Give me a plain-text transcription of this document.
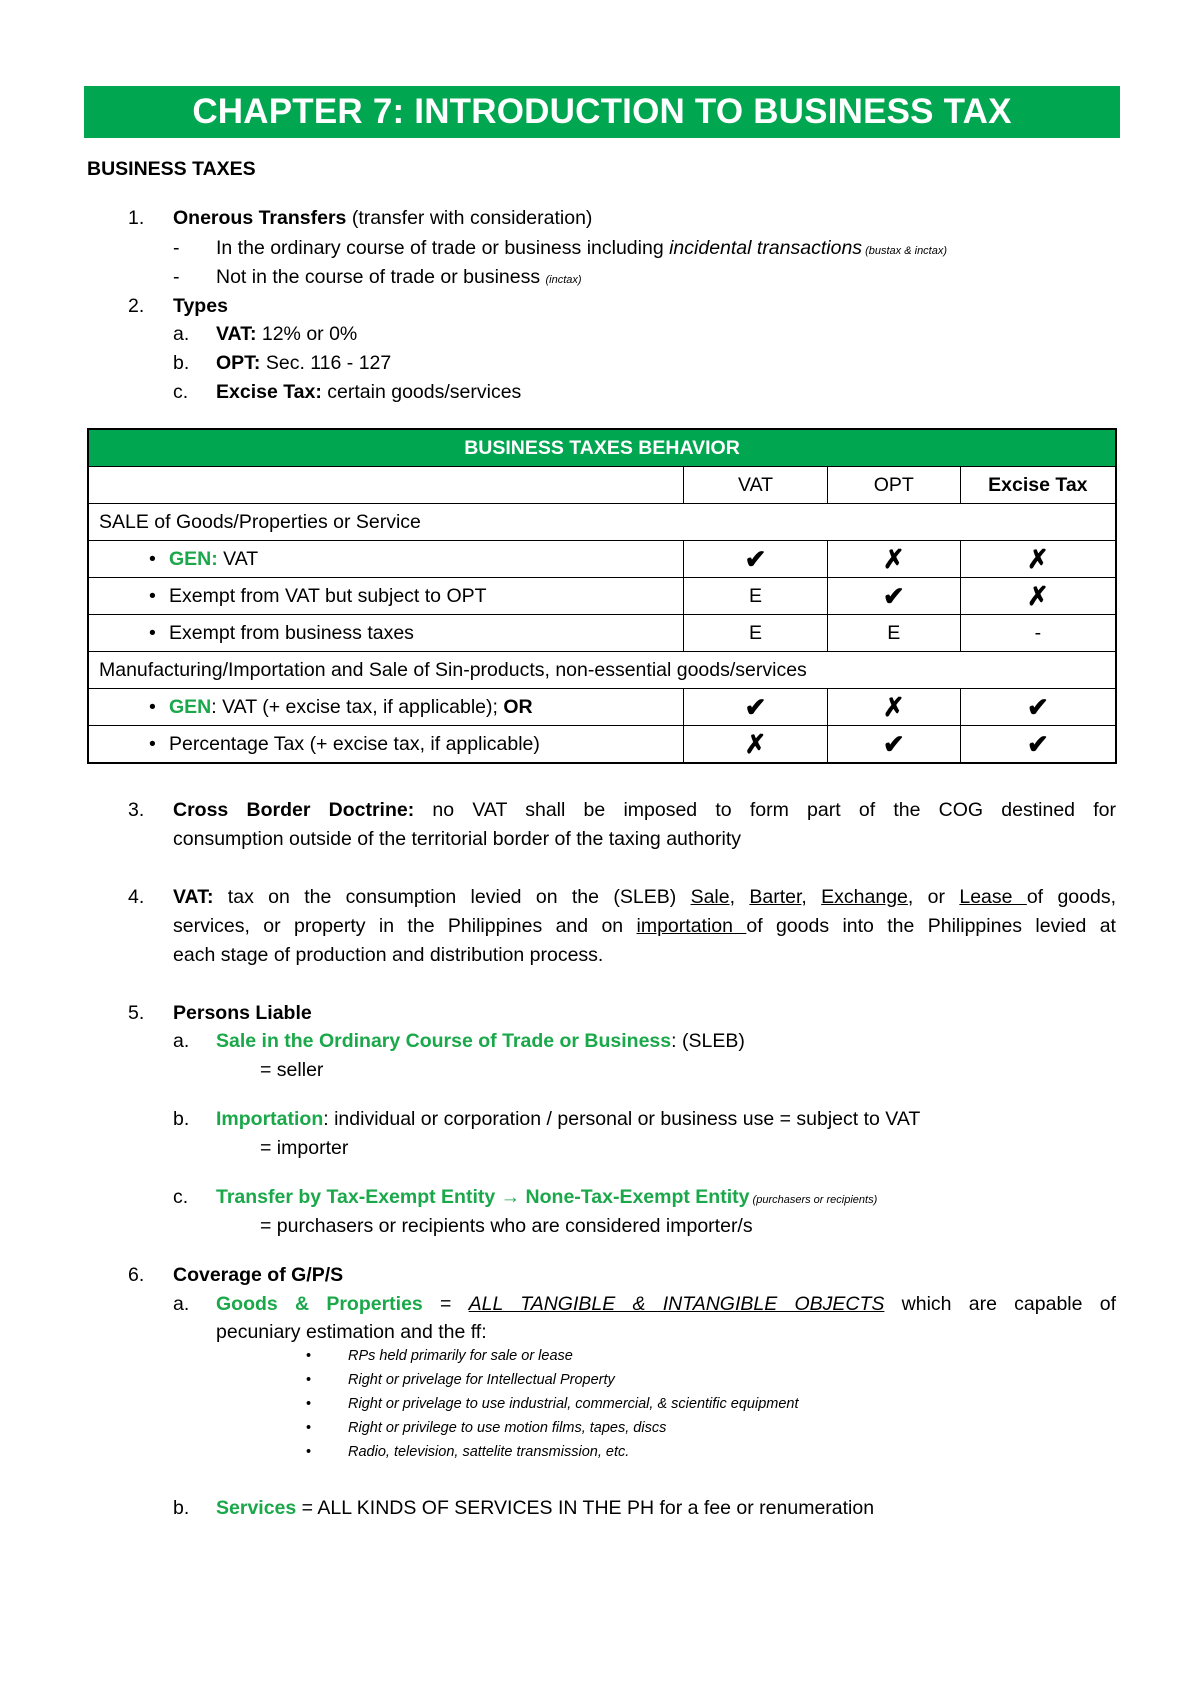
CHAPTER 7: INTRODUCTION TO BUSINESS TAX
BUSINESS TAXES
1. Onerous Transfers (transfer with consideration)
- In the ordinary course of trade or business including incidental transactions (bustax & inctax)
- Not in the course of trade or business (inctax)
2. Types
a. VAT: 12% or 0%
b. OPT: Sec. 116 - 127
c. Excise Tax: certain goods/services
BUSINESS TAXES BEHAVIOR			
	VAT	OPT	Excise Tax
SALE of Goods/Properties or Service			
• GEN: VAT	✔	✗	✗
• Exempt from VAT but subject to OPT	E	✔	✗
• Exempt from business taxes	E	E	-
Manufacturing/Importation and Sale of Sin-products, non-essential goods/services			
• GEN: VAT (+ excise tax, if applicable); OR	✔	✗	✔
• Percentage Tax (+ excise tax, if applicable)	✗	✔	✔
3. Cross Border Doctrine: no VAT shall be imposed to form part of the COG destined for
consumption outside of the territorial border of the taxing authority
4. VAT: tax on the consumption levied on the (SLEB) Sale, Barter, Exchange, or Lease of goods,
services, or property in the Philippines and on importation of goods into the Philippines levied at
each stage of production and distribution process.
5. Persons Liable
a. Sale in the Ordinary Course of Trade or Business: (SLEB)
= seller
b. Importation: individual or corporation / personal or business use = subject to VAT
= importer
c. Transfer by Tax-Exempt Entity → None-Tax-Exempt Entity (purchasers or recipients)
= purchasers or recipients who are considered importer/s
6. Coverage of G/P/S
a. Goods & Properties = ALL TANGIBLE & INTANGIBLE OBJECTS which are capable of
pecuniary estimation and the ff:
•	RPs held primarily for sale or lease
•	Right or privelage for Intellectual Property
•	Right or privelage to use industrial, commercial, & scientific equipment
•	Right or privilege to use motion films, tapes, discs
•	Radio, television, sattelite transmission, etc.
b. Services = ALL KINDS OF SERVICES IN THE PH for a fee or renumeration
